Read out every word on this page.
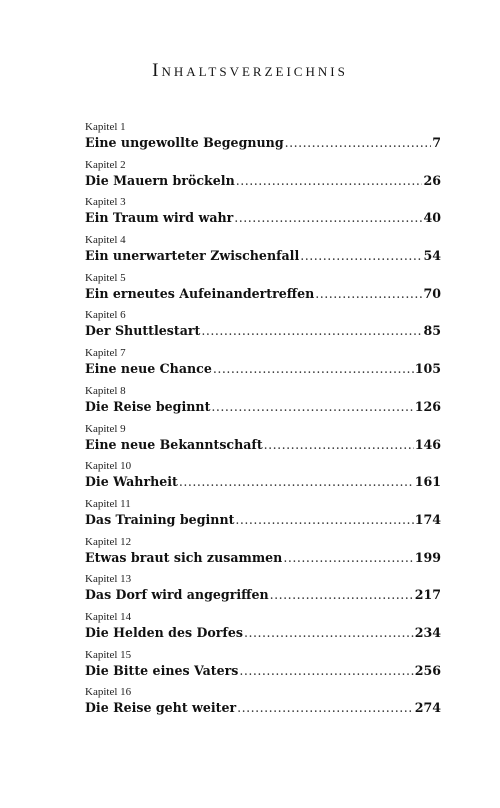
Inhaltsverzeichnis
Kapitel 1
Eine ungewollte Begegnung .....	7
Kapitel 2
Die Mauern bröckeln .....	26
Kapitel 3
Ein Traum wird wahr .....	40
Kapitel 4
Ein unerwarteter Zwischenfall .....	54
Kapitel 5
Ein erneutes Aufeinandertreffen .....	70
Kapitel 6
Der Shuttlestart .....	85
Kapitel 7
Eine neue Chance .....	105
Kapitel 8
Die Reise beginnt .....	126
Kapitel 9
Eine neue Bekanntschaft .....	146
Kapitel 10
Die Wahrheit .....	161
Kapitel 11
Das Training beginnt .....	174
Kapitel 12
Etwas braut sich zusammen .....	199
Kapitel 13
Das Dorf wird angegriffen .....	217
Kapitel 14
Die Helden des Dorfes .....	234
Kapitel 15
Die Bitte eines Vaters .....	256
Kapitel 16
Die Reise geht weiter .....	274
